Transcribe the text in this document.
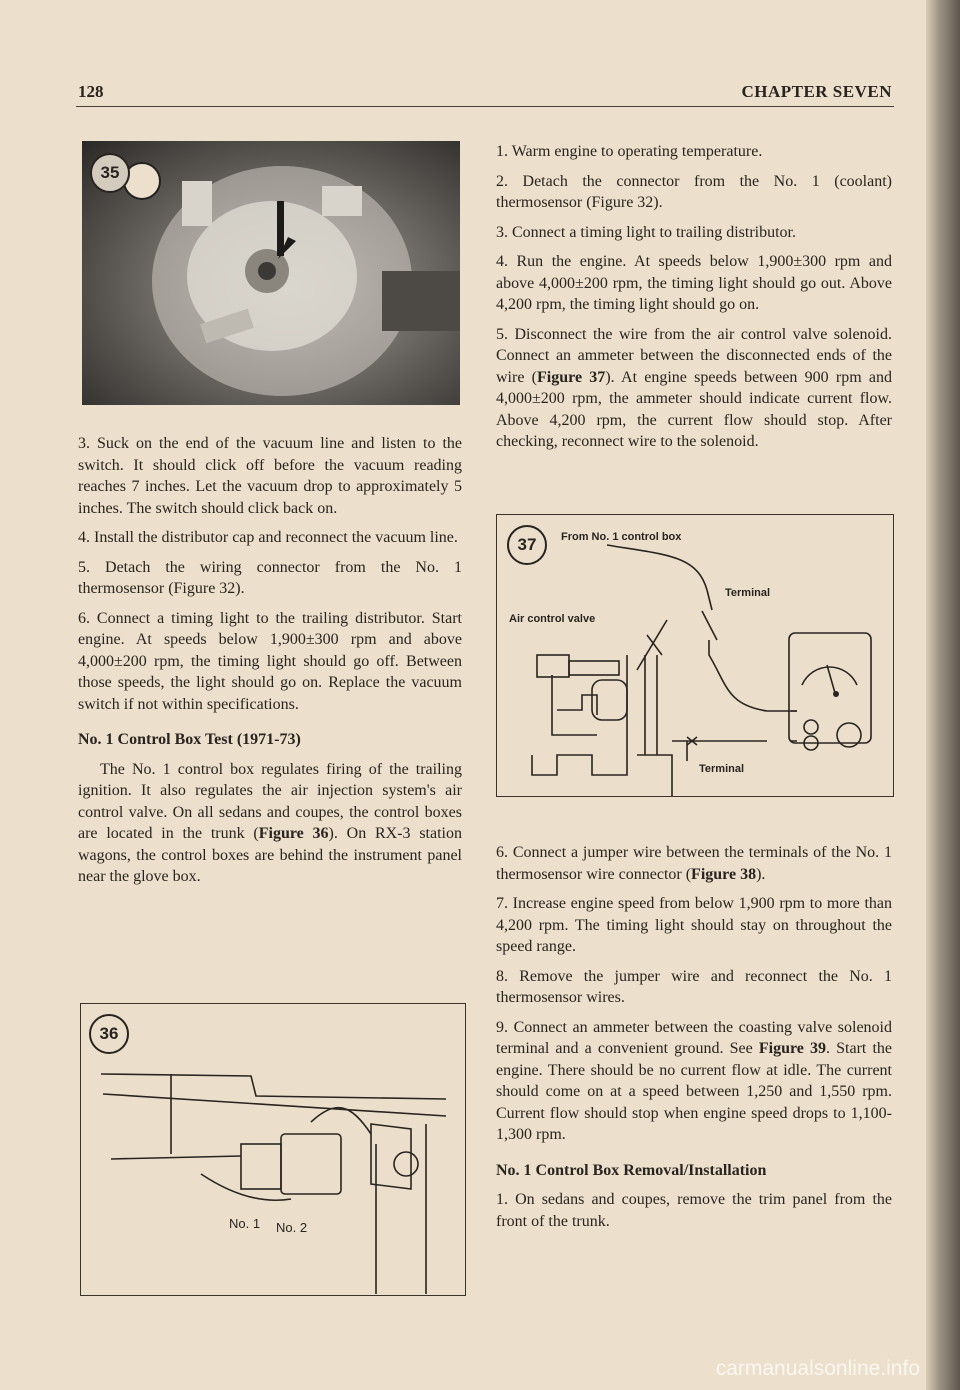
128	CHAPTER SEVEN
35

3. Suck on the end of the vacuum line and listen to the switch. It should click off before the vacuum reading reaches 7 inches. Let the vacuum drop to approximately 5 inches. The switch should click back on.

4. Install the distributor cap and reconnect the vacuum line.

5. Detach the wiring connector from the No. 1 thermosensor (Figure 32).

6. Connect a timing light to the trailing distributor. Start engine. At speeds below 1,900±300 rpm and above 4,000±200 rpm, the timing light should go off. Between those speeds, the light should go on. Replace the vacuum switch if not within specifications.

No. 1 Control Box Test (1971-73)

The No. 1 control box regulates firing of the trailing ignition. It also regulates the air injection system's air control valve. On all sedans and coupes, the control boxes are located in the trunk (Figure 36). On RX-3 station wagons, the control boxes are behind the instrument panel near the glove box.

36
No. 1 No. 2

1. Warm engine to operating temperature.

2. Detach the connector from the No. 1 (coolant) thermosensor (Figure 32).

3. Connect a timing light to trailing distributor.

4. Run the engine. At speeds below 1,900±300 rpm and above 4,000±200 rpm, the timing light should go out. Above 4,200 rpm, the timing light should go on.

5. Disconnect the wire from the air control valve solenoid. Connect an ammeter between the disconnected ends of the wire (Figure 37). At engine speeds between 900 rpm and 4,000±200 rpm, the ammeter should indicate current flow. Above 4,200 rpm, the current flow should stop. After checking, reconnect wire to the solenoid.

37	From No. 1 control box
Terminal
Air control valve
Terminal

6. Connect a jumper wire between the terminals of the No. 1 thermosensor wire connector (Figure 38).

7. Increase engine speed from below 1,900 rpm to more than 4,200 rpm. The timing light should stay on throughout the speed range.

8. Remove the jumper wire and reconnect the No. 1 thermosensor wires.

9. Connect an ammeter between the coasting valve solenoid terminal and a convenient ground. See Figure 39. Start the engine. There should be no current flow at idle. The current should come on at a speed between 1,250 and 1,550 rpm. Current flow should stop when engine speed drops to 1,100-1,300 rpm.

No. 1 Control Box Removal/Installation

1. On sedans and coupes, remove the trim panel from the front of the trunk.

carmanualsonline.info
